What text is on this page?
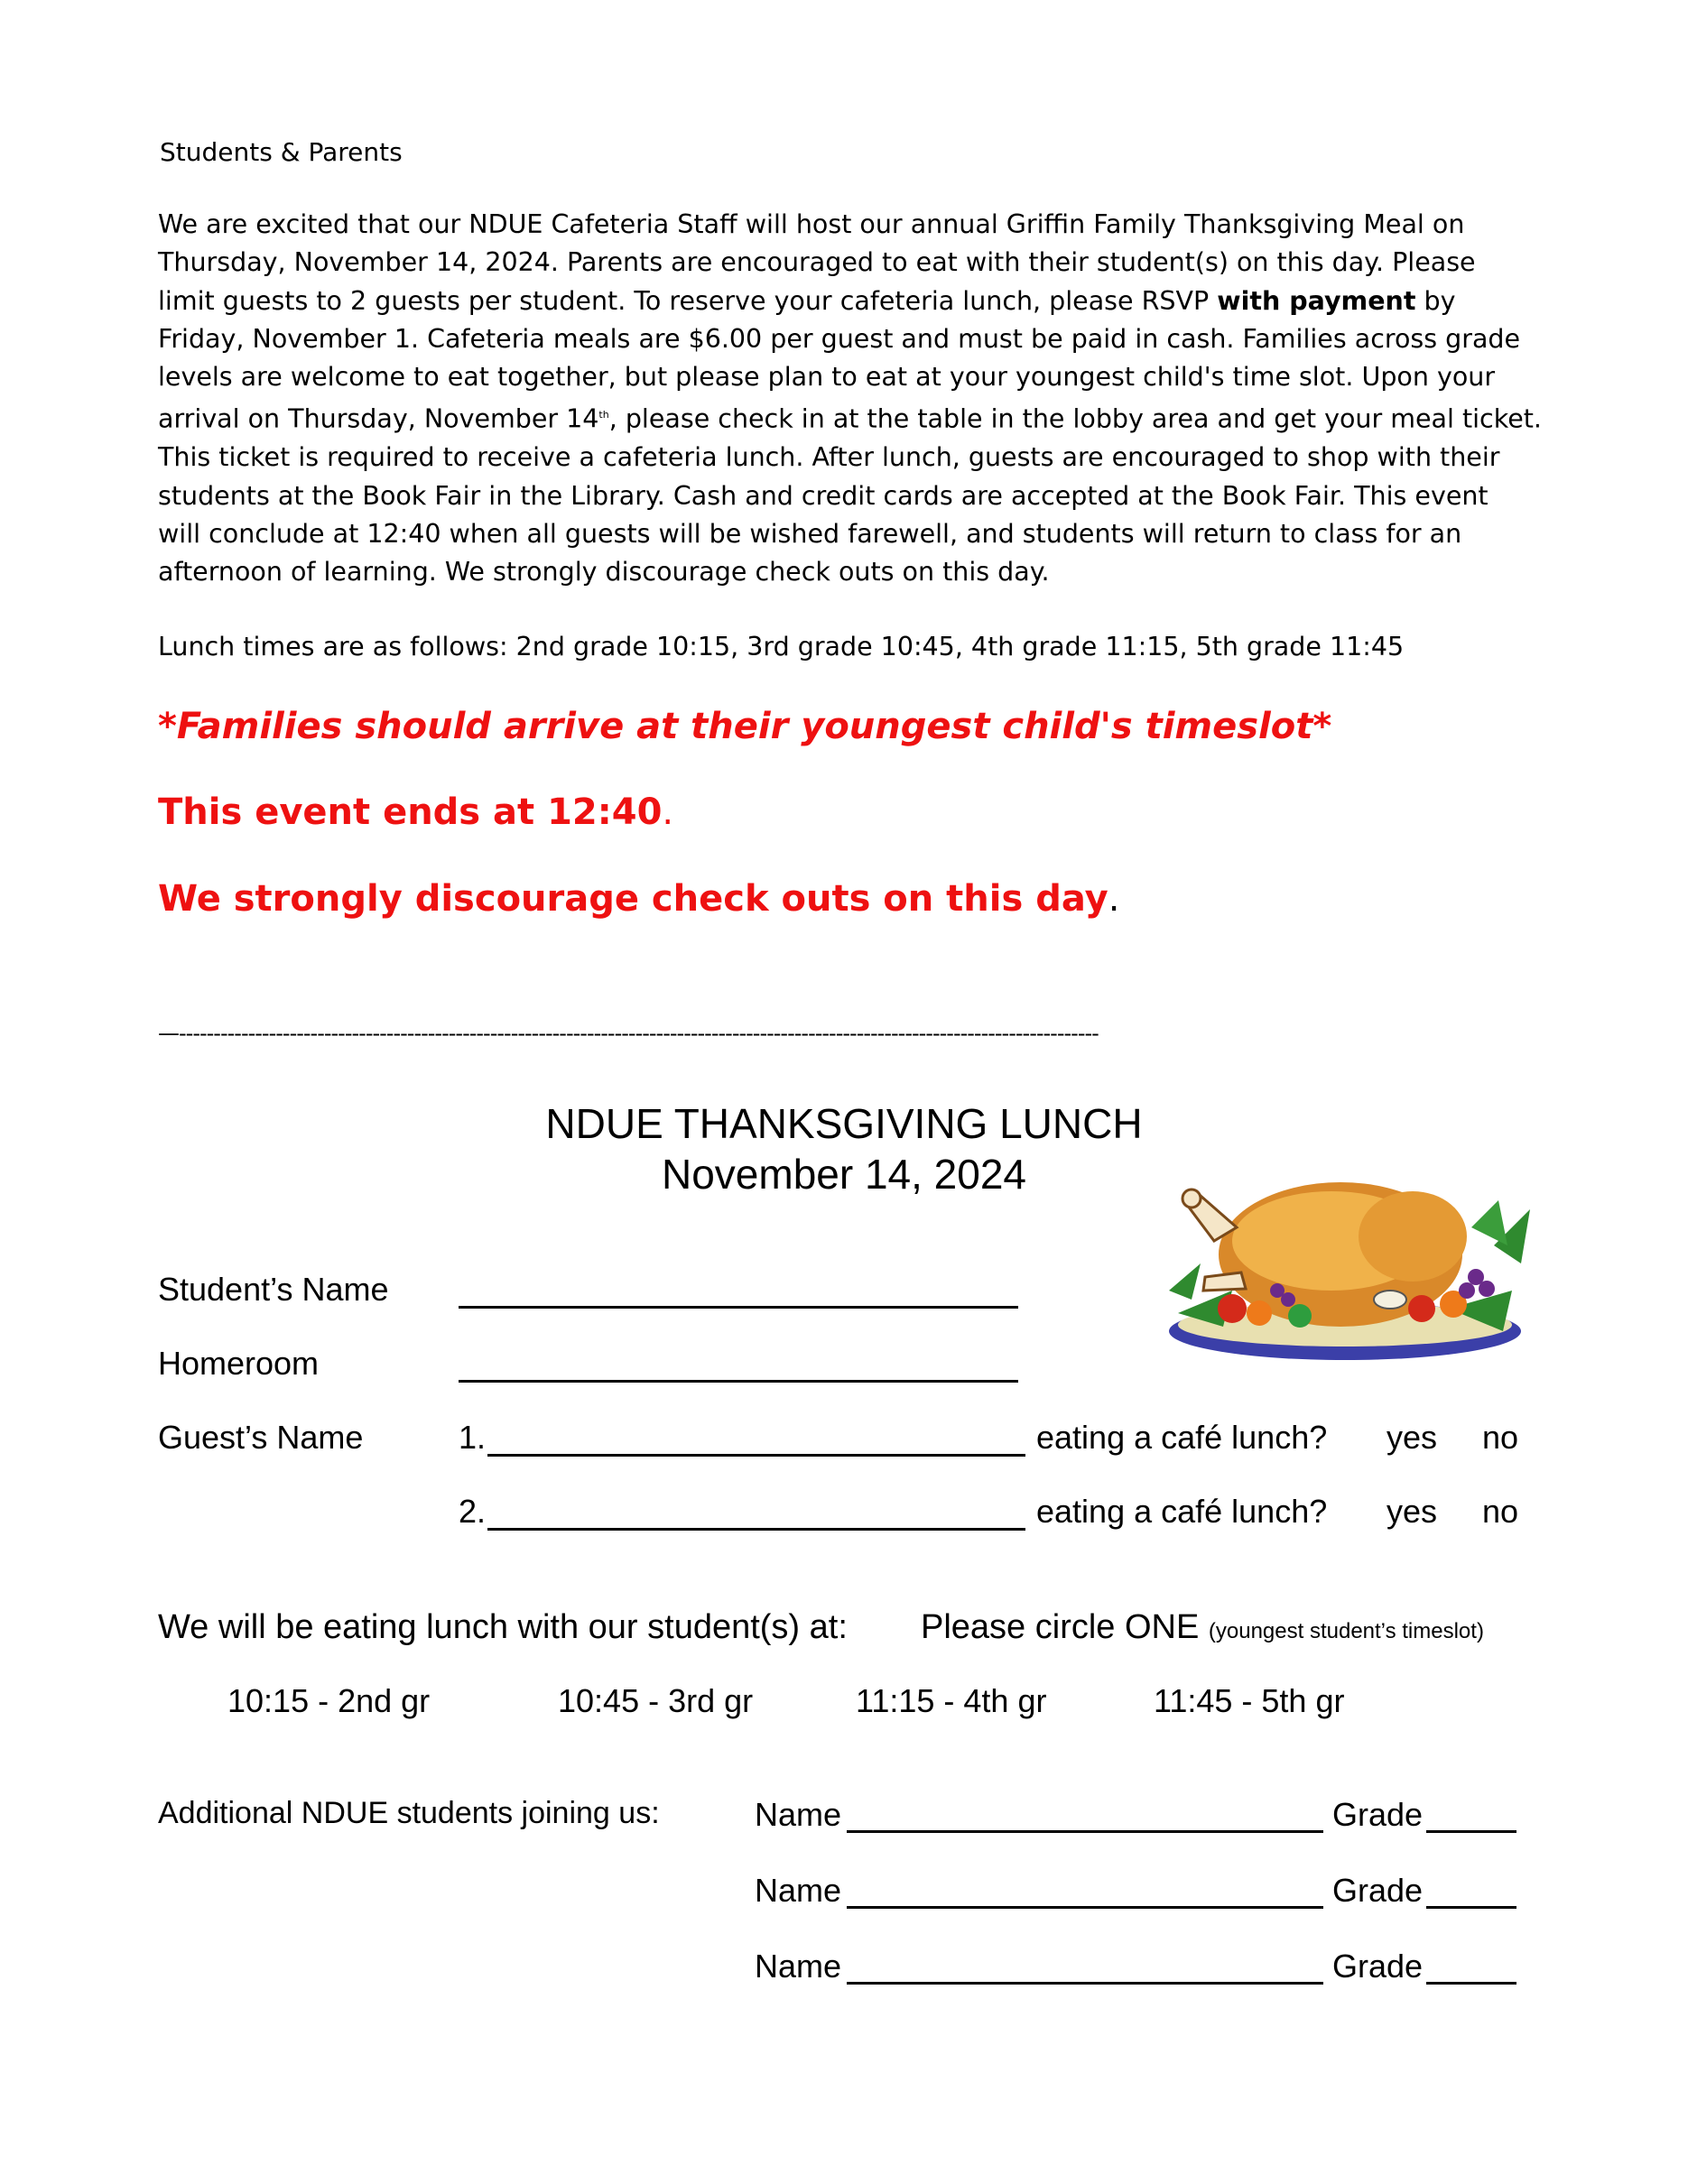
Students & Parents
We are excited that our NDUE Cafeteria Staff will host our annual Griffin Family Thanksgiving Meal on
Thursday, November 14, 2024. Parents are encouraged to eat with their student(s) on this day. Please
limit guests to 2 guests per student. To reserve your cafeteria lunch, please RSVP with payment by
Friday, November 1. Cafeteria meals are $6.00 per guest and must be paid in cash. Families across grade
levels are welcome to eat together, but please plan to eat at your youngest child's time slot. Upon your
arrival on Thursday, November 14th, please check in at the table in the lobby area and get your meal ticket.
This ticket is required to receive a cafeteria lunch. After lunch, guests are encouraged to shop with their
students at the Book Fair in the Library. Cash and credit cards are accepted at the Book Fair. This event
will conclude at 12:40 when all guests will be wished farewell, and students will return to class for an
afternoon of learning. We strongly discourage check outs on this day.
Lunch times are as follows: 2nd grade 10:15, 3rd grade 10:45, 4th grade 11:15, 5th grade 11:45
*Families should arrive at their youngest child's timeslot*
This event ends at 12:40.
We strongly discourage check outs on this day.
—-------------------------------------------------------------------------------------------------------------------------------------
NDUE THANKSGIVING LUNCH
November 14, 2024
Student’s Name
Homeroom
Guest’s Name	1.	eating a café lunch? yes no
2.	eating a café lunch? yes no
We will be eating lunch with our student(s) at: Please circle ONE (youngest student’s timeslot)
10:15 - 2nd gr	10:45 - 3rd gr	11:15 - 4th gr	11:45 - 5th gr
Additional NDUE students joining us:	Name	Grade
Name	Grade
Name	Grade
